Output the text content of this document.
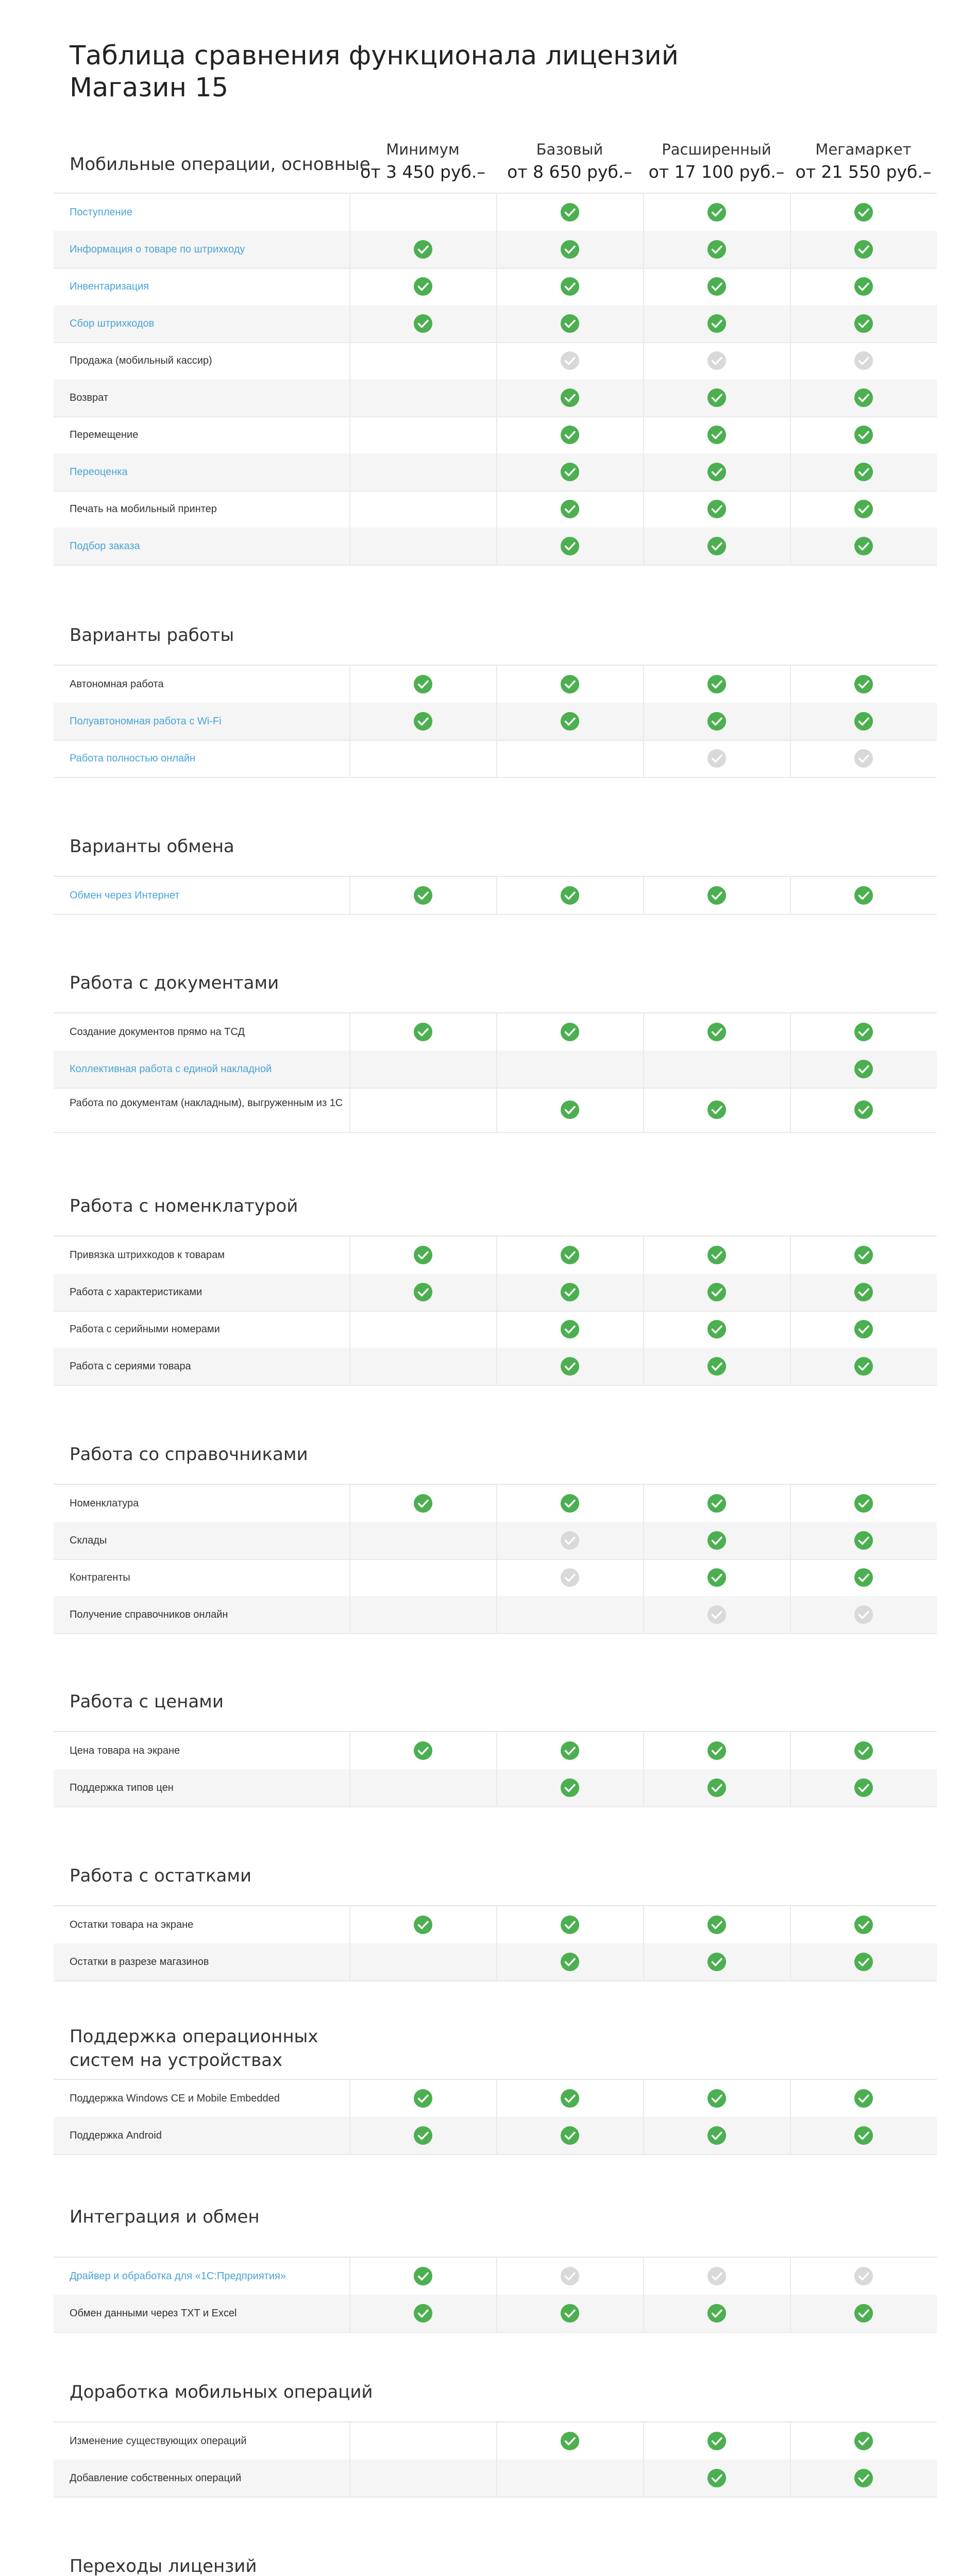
Таблица сравнения функционала лицензий
Магазин 15
Минимум
от 3 450 руб.–
Базовый
от 8 650 руб.–
Расширенный
от 17 100 руб.–
Мегамаркет
от 21 550 руб.–
Мобильные операции, основные
Поступление
Информация о товаре по штрихкоду
Инвентаризация
Сбор штрихкодов
Продажа (мобильный кассир)
Возврат
Перемещение
Переоценка
Печать на мобильный принтер
Подбор заказа
Варианты работы
Автономная работа
Полуавтономная работа с Wi-Fi
Работа полностью онлайн
Варианты обмена
Обмен через Интернет
Работа с документами
Создание документов прямо на ТСД
Коллективная работа с единой накладной
Работа по документам (накладным), выгруженным из 1С
Работа с номенклатурой
Привязка штрихкодов к товарам
Работа с характеристиками
Работа с серийными номерами
Работа с сериями товара
Работа со справочниками
Номенклатура
Склады
Контрагенты
Получение справочников онлайн
Работа с ценами
Цена товара на экране
Поддержка типов цен
Работа с остатками
Остатки товара на экране
Остатки в разрезе магазинов
Поддержка операционных систем на устройствах
Поддержка Windows CE и Mobile Embedded
Поддержка Android
Интеграция и обмен
Драйвер и обработка для «1С:Предприятия»
Обмен данными через TXT и Excel
Доработка мобильных операций
Изменение существующих операций
Добавление собственных операций
Переходы лицензий
